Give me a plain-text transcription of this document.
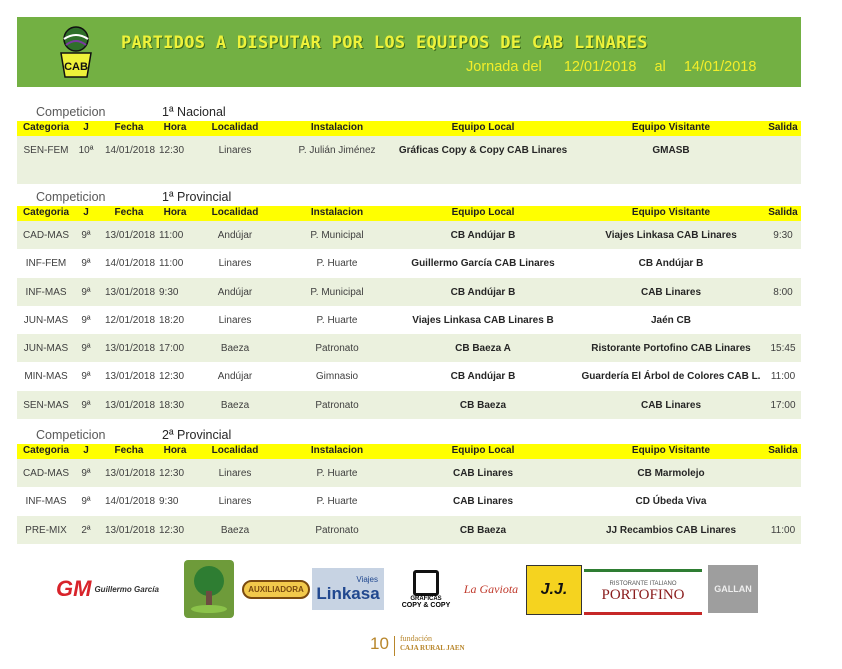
CAB
PARTIDOS A DISPUTAR POR LOS EQUIPOS DE CAB LINARES
Jornada del 12/01/2018 al 14/01/2018
Competicion	1ª Nacional
Categoria	J	Fecha	Hora	Localidad	Instalacion	Equipo Local	Equipo Visitante	Salida
SEN-FEM	10ª	14/01/2018 12:30	Linares	P. Julián Jiménez	Gráficas Copy & Copy CAB Linares	GMASB
Competicion	1ª Provincial
Categoria	J	Fecha	Hora	Localidad	Instalacion	Equipo Local	Equipo Visitante	Salida
CAD-MAS	9ª	13/01/2018 11:00	Andújar	P. Municipal	CB Andújar B	Viajes Linkasa CAB Linares	9:30
INF-FEM	9ª	14/01/2018 11:00	Linares	P. Huarte	Guillermo García CAB Linares	CB Andújar B
INF-MAS	9ª	13/01/2018 9:30	Andújar	P. Municipal	CB Andújar B	CAB Linares	8:00
JUN-MAS	9ª	12/01/2018 18:20	Linares	P. Huarte	Viajes Linkasa CAB Linares B	Jaén CB
JUN-MAS	9ª	13/01/2018 17:00	Baeza	Patronato	CB Baeza A	Ristorante Portofino CAB Linares	15:45
MIN-MAS	9ª	13/01/2018 12:30	Andújar	Gimnasio	CB Andújar B	Guardería El Árbol de Colores CAB L.	11:00
SEN-MAS	9ª	13/01/2018 18:30	Baeza	Patronato	CB Baeza	CAB Linares	17:00
Competicion	2ª Provincial
Categoria	J	Fecha	Hora	Localidad	Instalacion	Equipo Local	Equipo Visitante	Salida
CAD-MAS	9ª	13/01/2018 12:30	Linares	P. Huarte	CAB Linares	CB Marmolejo
INF-MAS	9ª	14/01/2018 9:30	Linares	P. Huarte	CAB Linares	CD Úbeda Viva
PRE-MIX	2ª	13/01/2018 12:30	Baeza	Patronato	CB Baeza	JJ Recambios CAB Linares	11:00
GM Guillermo García	AUXILIADORA
Viajes
Linkasa	GRÁFICAS
COPY & COPY
La Gaviota J.J.	RISTORANTE ITALIANO
PORTOFINO	GALLAN
10 fundación
CAJA RURAL JAEN
